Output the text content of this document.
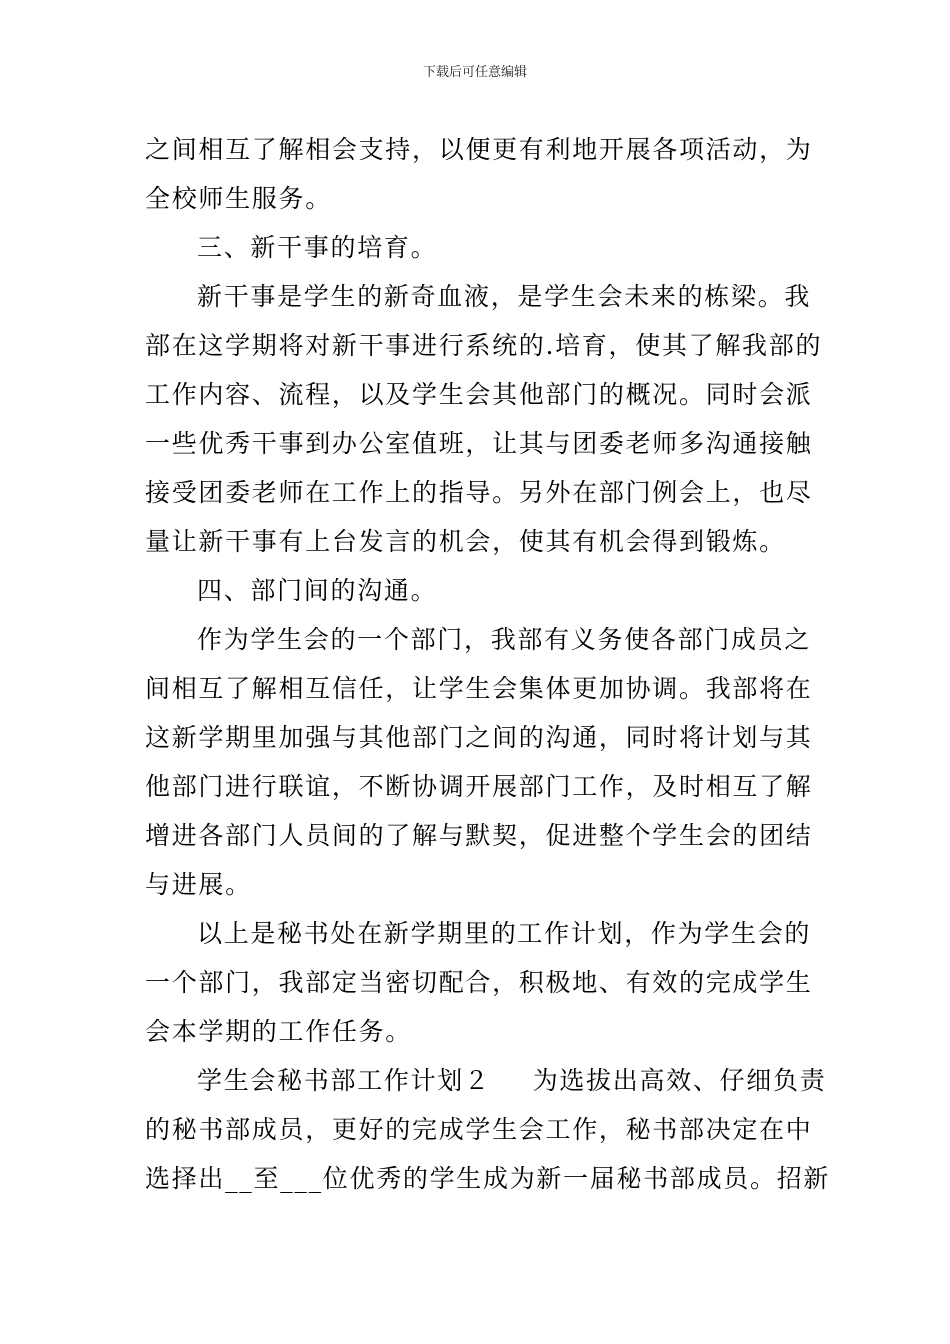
下载后可任意编辑
之间相互了解相会支持，以便更有利地开展各项活动，为
全校师生服务。
三、新干事的培育。
新干事是学生的新奇血液，是学生会未来的栋梁。我
部在这学期将对新干事进行系统的.培育，使其了解我部的
工作内容、流程，以及学生会其他部门的概况。同时会派
一些优秀干事到办公室值班，让其与团委老师多沟通接触
接受团委老师在工作上的指导。另外在部门例会上，也尽
量让新干事有上台发言的机会，使其有机会得到锻炼。
四、部门间的沟通。
作为学生会的一个部门，我部有义务使各部门成员之
间相互了解相互信任，让学生会集体更加协调。我部将在
这新学期里加强与其他部门之间的沟通，同时将计划与其
他部门进行联谊，不断协调开展部门工作，及时相互了解
增进各部门人员间的了解与默契，促进整个学生会的团结
与进展。
以上是秘书处在新学期里的工作计划，作为学生会的
一个部门，我部定当密切配合，积极地、有效的完成学生
会本学期的工作任务。
学生会秘书部工作计划２ 为选拔出高效、仔细负责
的秘书部成员，更好的完成学生会工作，秘书部决定在中
选择出__至___位优秀的学生成为新一届秘书部成员。招新
